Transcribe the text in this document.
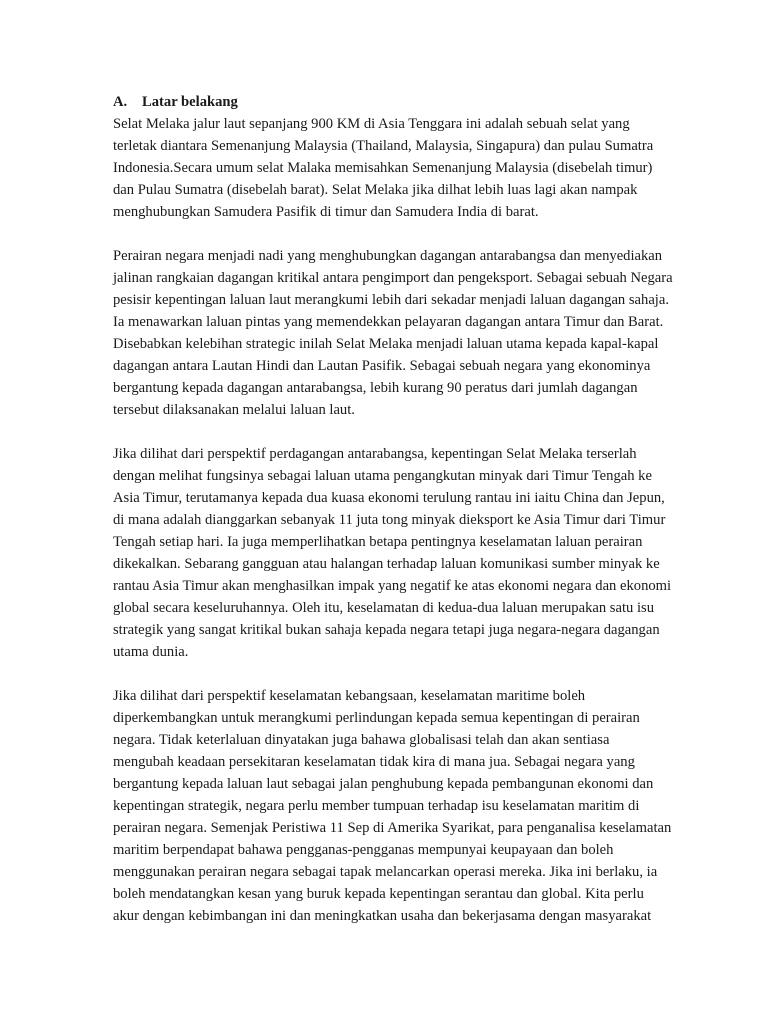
A. Latar belakang

Selat Melaka jalur laut sepanjang 900 KM di Asia Tenggara ini adalah sebuah selat yang terletak diantara Semenanjung Malaysia (Thailand, Malaysia, Singapura) dan pulau Sumatra Indonesia.Secara umum selat Malaka memisahkan Semenanjung Malaysia (disebelah timur) dan Pulau Sumatra (disebelah barat). Selat Melaka jika dilhat lebih luas lagi akan nampak menghubungkan Samudera Pasifik di timur dan Samudera India di barat.

Perairan negara menjadi nadi yang menghubungkan dagangan antarabangsa dan menyediakan jalinan rangkaian dagangan kritikal antara pengimport dan pengeksport. Sebagai sebuah Negara pesisir kepentingan laluan laut merangkumi lebih dari sekadar menjadi laluan dagangan sahaja. Ia menawarkan laluan pintas yang memendekkan pelayaran dagangan antara Timur dan Barat. Disebabkan kelebihan strategic inilah Selat Melaka menjadi laluan utama kepada kapal-kapal dagangan antara Lautan Hindi dan Lautan Pasifik. Sebagai sebuah negara yang ekonominya bergantung kepada dagangan antarabangsa, lebih kurang 90 peratus dari jumlah dagangan tersebut dilaksanakan melalui laluan laut.

Jika dilihat dari perspektif perdagangan antarabangsa, kepentingan Selat Melaka terserlah dengan melihat fungsinya sebagai laluan utama pengangkutan minyak dari Timur Tengah ke Asia Timur, terutamanya kepada dua kuasa ekonomi terulung rantau ini iaitu China dan Jepun, di mana adalah dianggarkan sebanyak 11 juta tong minyak dieksport ke Asia Timur dari Timur Tengah setiap hari. Ia juga memperlihatkan betapa pentingnya keselamatan laluan perairan dikekalkan. Sebarang gangguan atau halangan terhadap laluan komunikasi sumber minyak ke rantau Asia Timur akan menghasilkan impak yang negatif ke atas ekonomi negara dan ekonomi global secara keseluruhannya. Oleh itu, keselamatan di kedua-dua laluan merupakan satu isu strategik yang sangat kritikal bukan sahaja kepada negara tetapi juga negara-negara dagangan utama dunia.

Jika dilihat dari perspektif keselamatan kebangsaan, keselamatan maritime boleh diperkembangkan untuk merangkumi perlindungan kepada semua kepentingan di perairan negara. Tidak keterlaluan dinyatakan juga bahawa globalisasi telah dan akan sentiasa mengubah keadaan persekitaran keselamatan tidak kira di mana jua. Sebagai negara yang bergantung kepada laluan laut sebagai jalan penghubung kepada pembangunan ekonomi dan kepentingan strategik, negara perlu member tumpuan terhadap isu keselamatan maritim di perairan negara. Semenjak Peristiwa 11 Sep di Amerika Syarikat, para penganalisa keselamatan maritim berpendapat bahawa pengganas-pengganas mempunyai keupayaan dan boleh menggunakan perairan negara sebagai tapak melancarkan operasi mereka. Jika ini berlaku, ia boleh mendatangkan kesan yang buruk kepada kepentingan serantau dan global. Kita perlu akur dengan kebimbangan ini dan meningkatkan usaha dan bekerjasama dengan masyarakat
